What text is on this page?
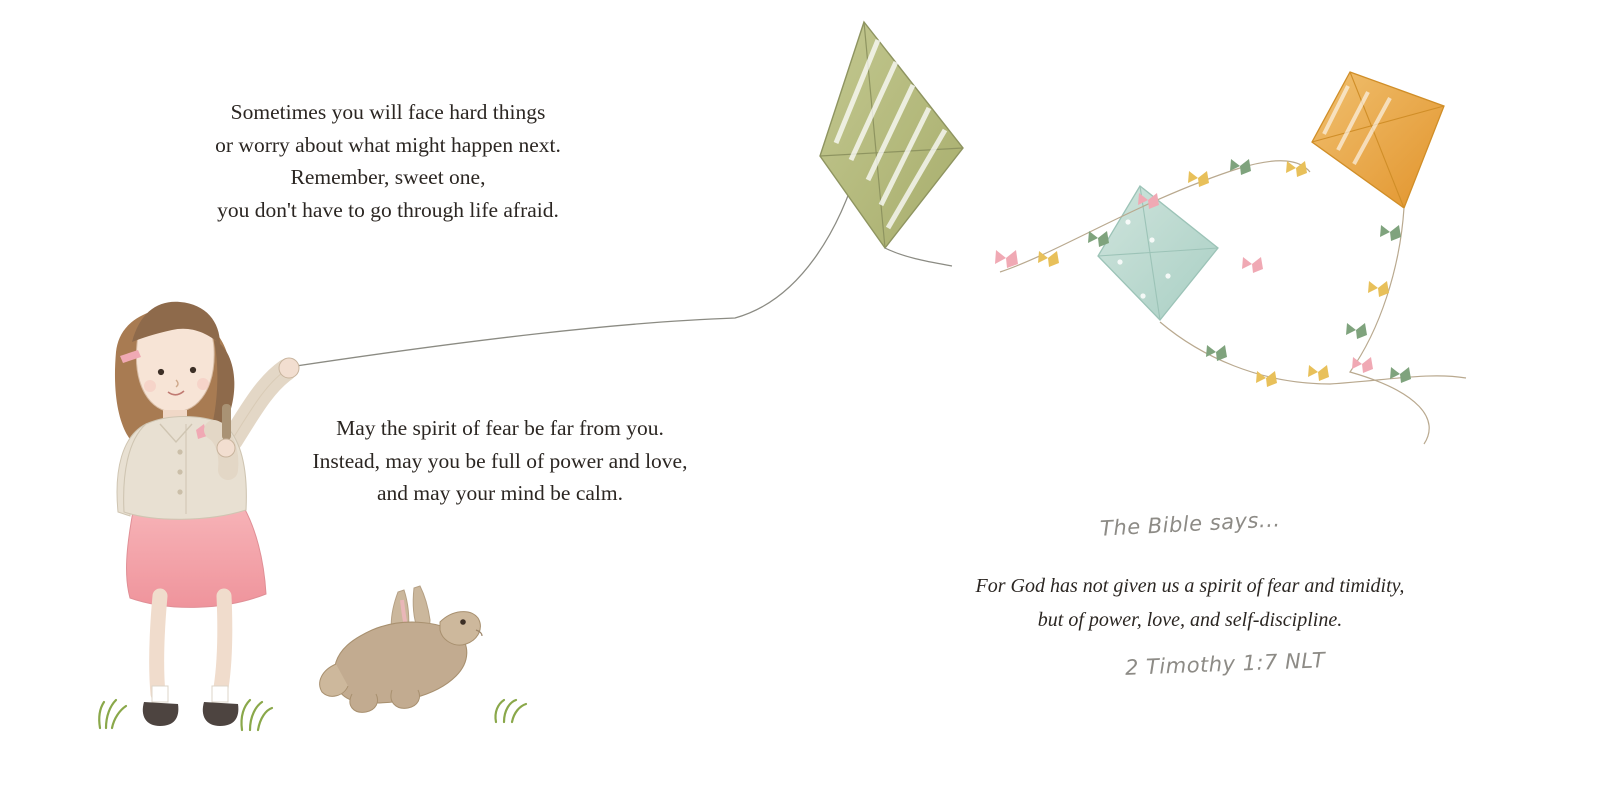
Sometimes you will face hard things
or worry about what might happen next.
Remember, sweet one,
you don't have to go through life afraid.
May the spirit of fear be far from you.
Instead, may you be full of power and love,
and may your mind be calm.
The Bible says...
For God has not given us a spirit of fear and timidity,
but of power, love, and self-discipline.
2 Timothy 1:7 NLT
